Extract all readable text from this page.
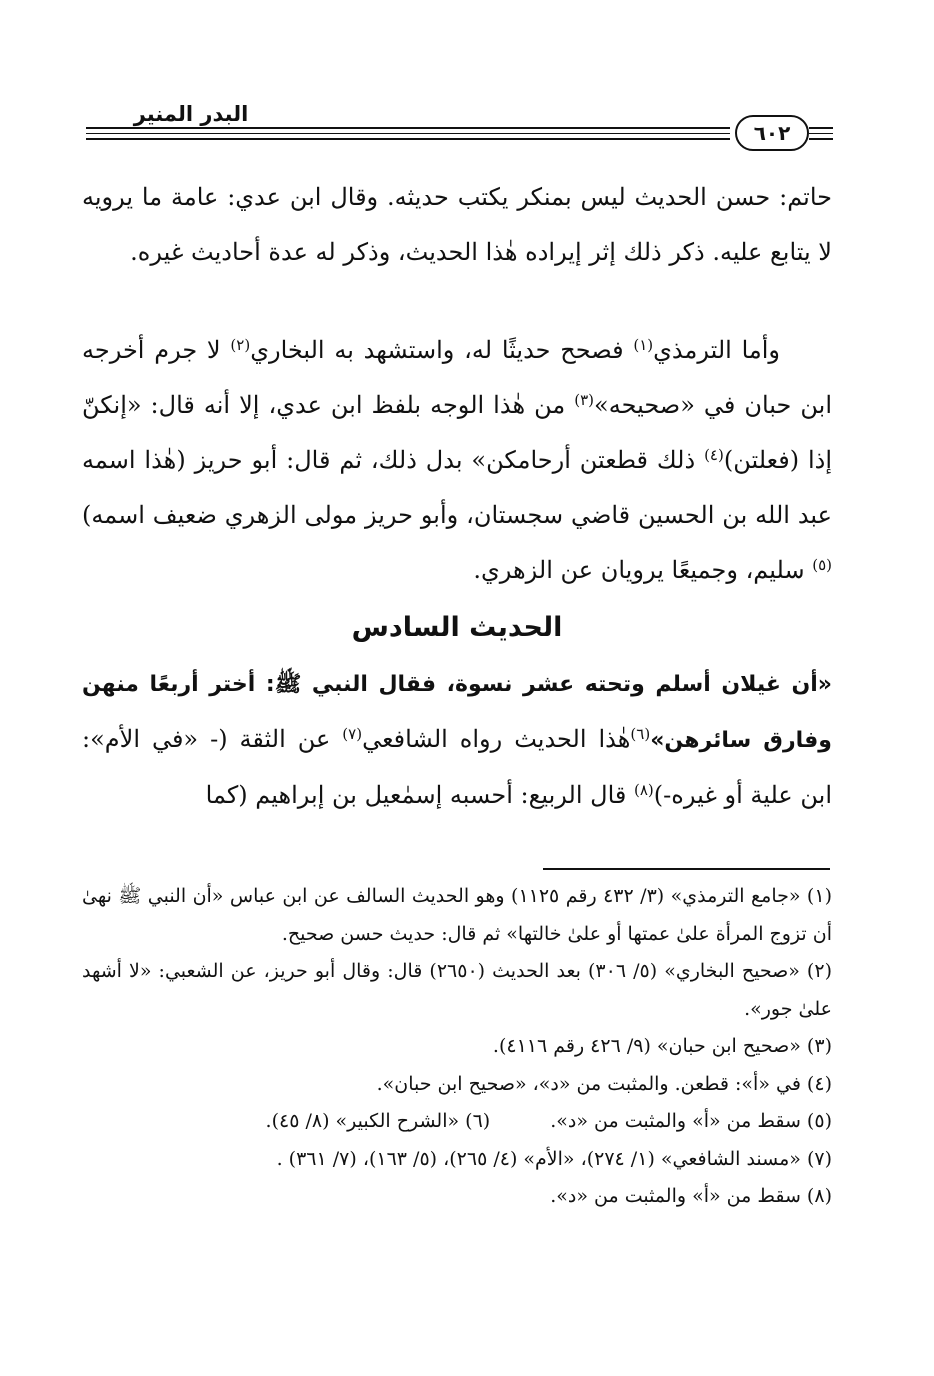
البدر المنير
٦٠٢

حاتم: حسن الحديث ليس بمنكر يكتب حديثه. وقال ابن عدي: عامة ما يرويه لا يتابع عليه. ذكر ذلك إثر إيراده هٰذا الحديث، وذكر له عدة أحاديث غيره.

وأما الترمذي$^{(١)}$ فصحح حديثًا له، واستشهد به البخاري$^{(٢)}$ لا جرم أخرجه ابن حبان في «صحيحه»$^{(٣)}$ من هٰذا الوجه بلفظ ابن عدي، إلا أنه قال: «إنكنّ إذا (فعلتن)$^{(٤)}$ ذلك قطعتن أرحامكن» بدل ذلك، ثم قال: أبو حريز (هٰذا اسمه عبد الله بن الحسين قاضي سجستان، وأبو حريز مولى الزهري ضعيف اسمه)$^{(٥)}$ سليم، وجميعًا يرويان عن الزهري.

الحديث السادس

«أن غيلان أسلم وتحته عشر نسوة، فقال النبي ﷺ: أختر أربعًا منهن وفارق سائرهن»$^{(٦)}$هٰذا الحديث رواه الشافعي$^{(٧)}$ عن الثقة (- «في الأم»: ابن علية أو غيره-)$^{(٨)}$ قال الربيع: أحسبه إسمٰعيل بن إبراهيم (كما

(١) «جامع الترمذي» (٣/ ٤٣٢ رقم ١١٢٥) وهو الحديث السالف عن ابن عباس «أن النبي ﷺ نهىٰ أن تزوج المرأة علىٰ عمتها أو علىٰ خالتها» ثم قال: حديث حسن صحيح.
(٢) «صحيح البخاري» (٥/ ٣٠٦) بعد الحديث (٢٦٥٠) قال: وقال أبو حريز، عن الشعبي: «لا أشهد علىٰ جور».
(٣) «صحيح ابن حبان» (٩/ ٤٢٦ رقم ٤١١٦).
(٤) في «أ»: قطعن. والمثبت من «د»، «صحيح ابن حبان».
(٥) سقط من «أ» والمثبت من «د».
(٦) «الشرح الكبير» (٨/ ٤٥).
(٧) «مسند الشافعي» (١/ ٢٧٤)، «الأم» (٤/ ٢٦٥)، (٥/ ١٦٣)، (٧/ ٣٦١) .
(٨) سقط من «أ» والمثبت من «د».
